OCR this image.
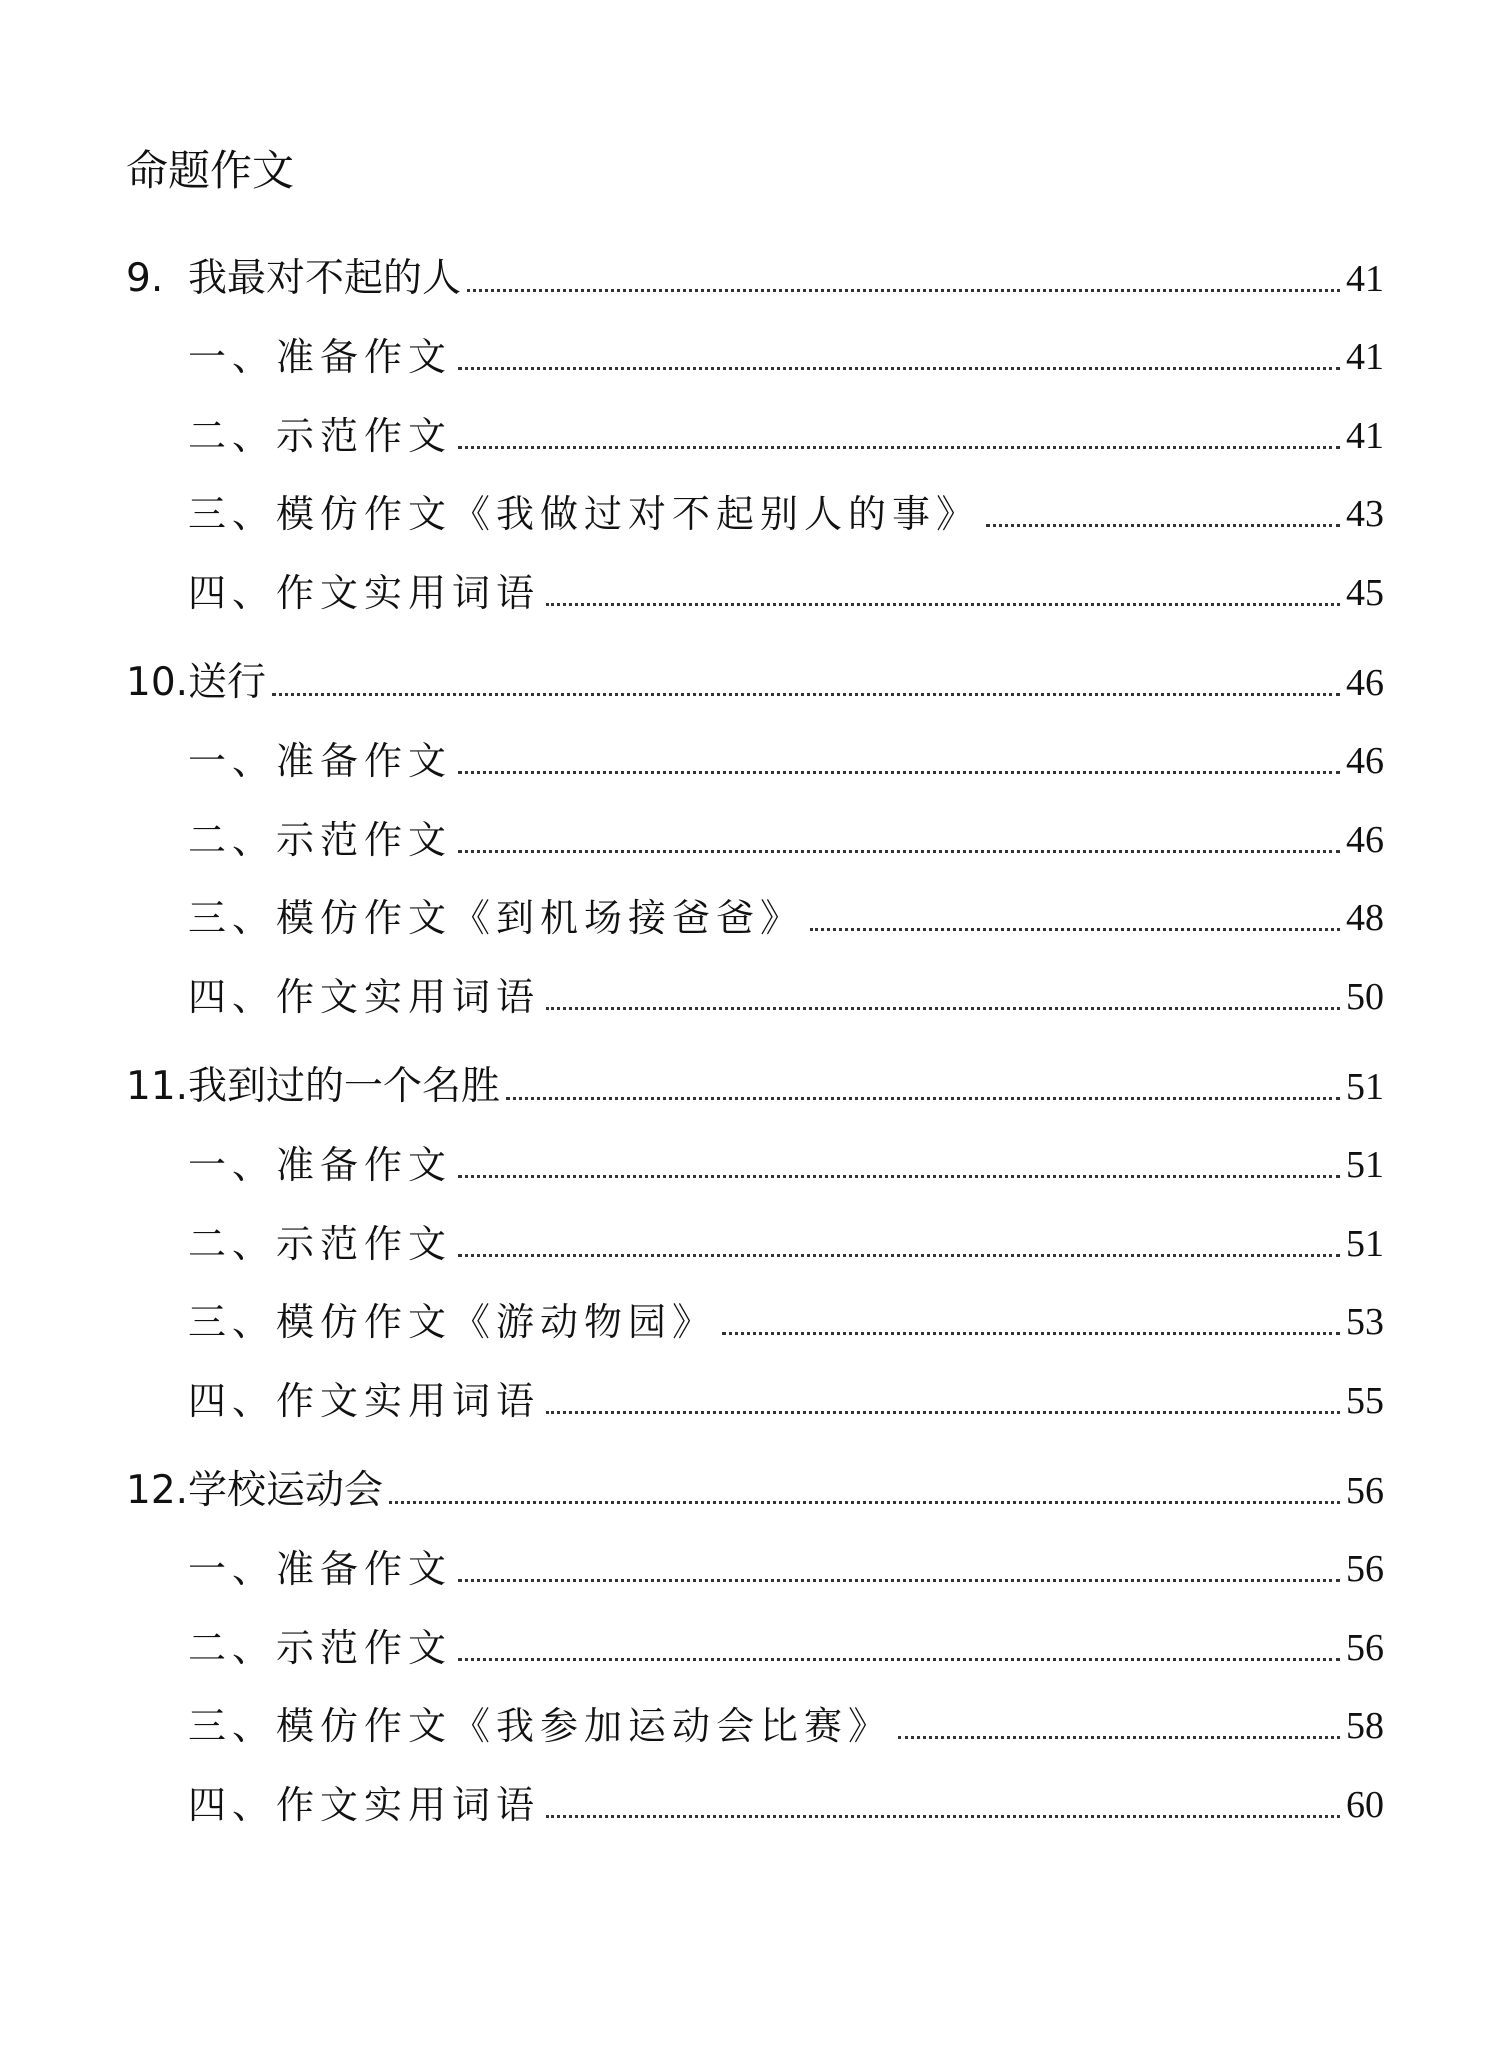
命题作文
9. 我最对不起的人	41
一、准备作文	41
二、示范作文	41
三、模仿作文《我做过对不起别人的事》	43
四、作文实用词语	45
10. 送行	46
一、准备作文	46
二、示范作文	46
三、模仿作文《到机场接爸爸》	48
四、作文实用词语	50
11. 我到过的一个名胜	51
一、准备作文	51
二、示范作文	51
三、模仿作文《游动物园》	53
四、作文实用词语	55
12. 学校运动会	56
一、准备作文	56
二、示范作文	56
三、模仿作文《我参加运动会比赛》	58
四、作文实用词语	60
